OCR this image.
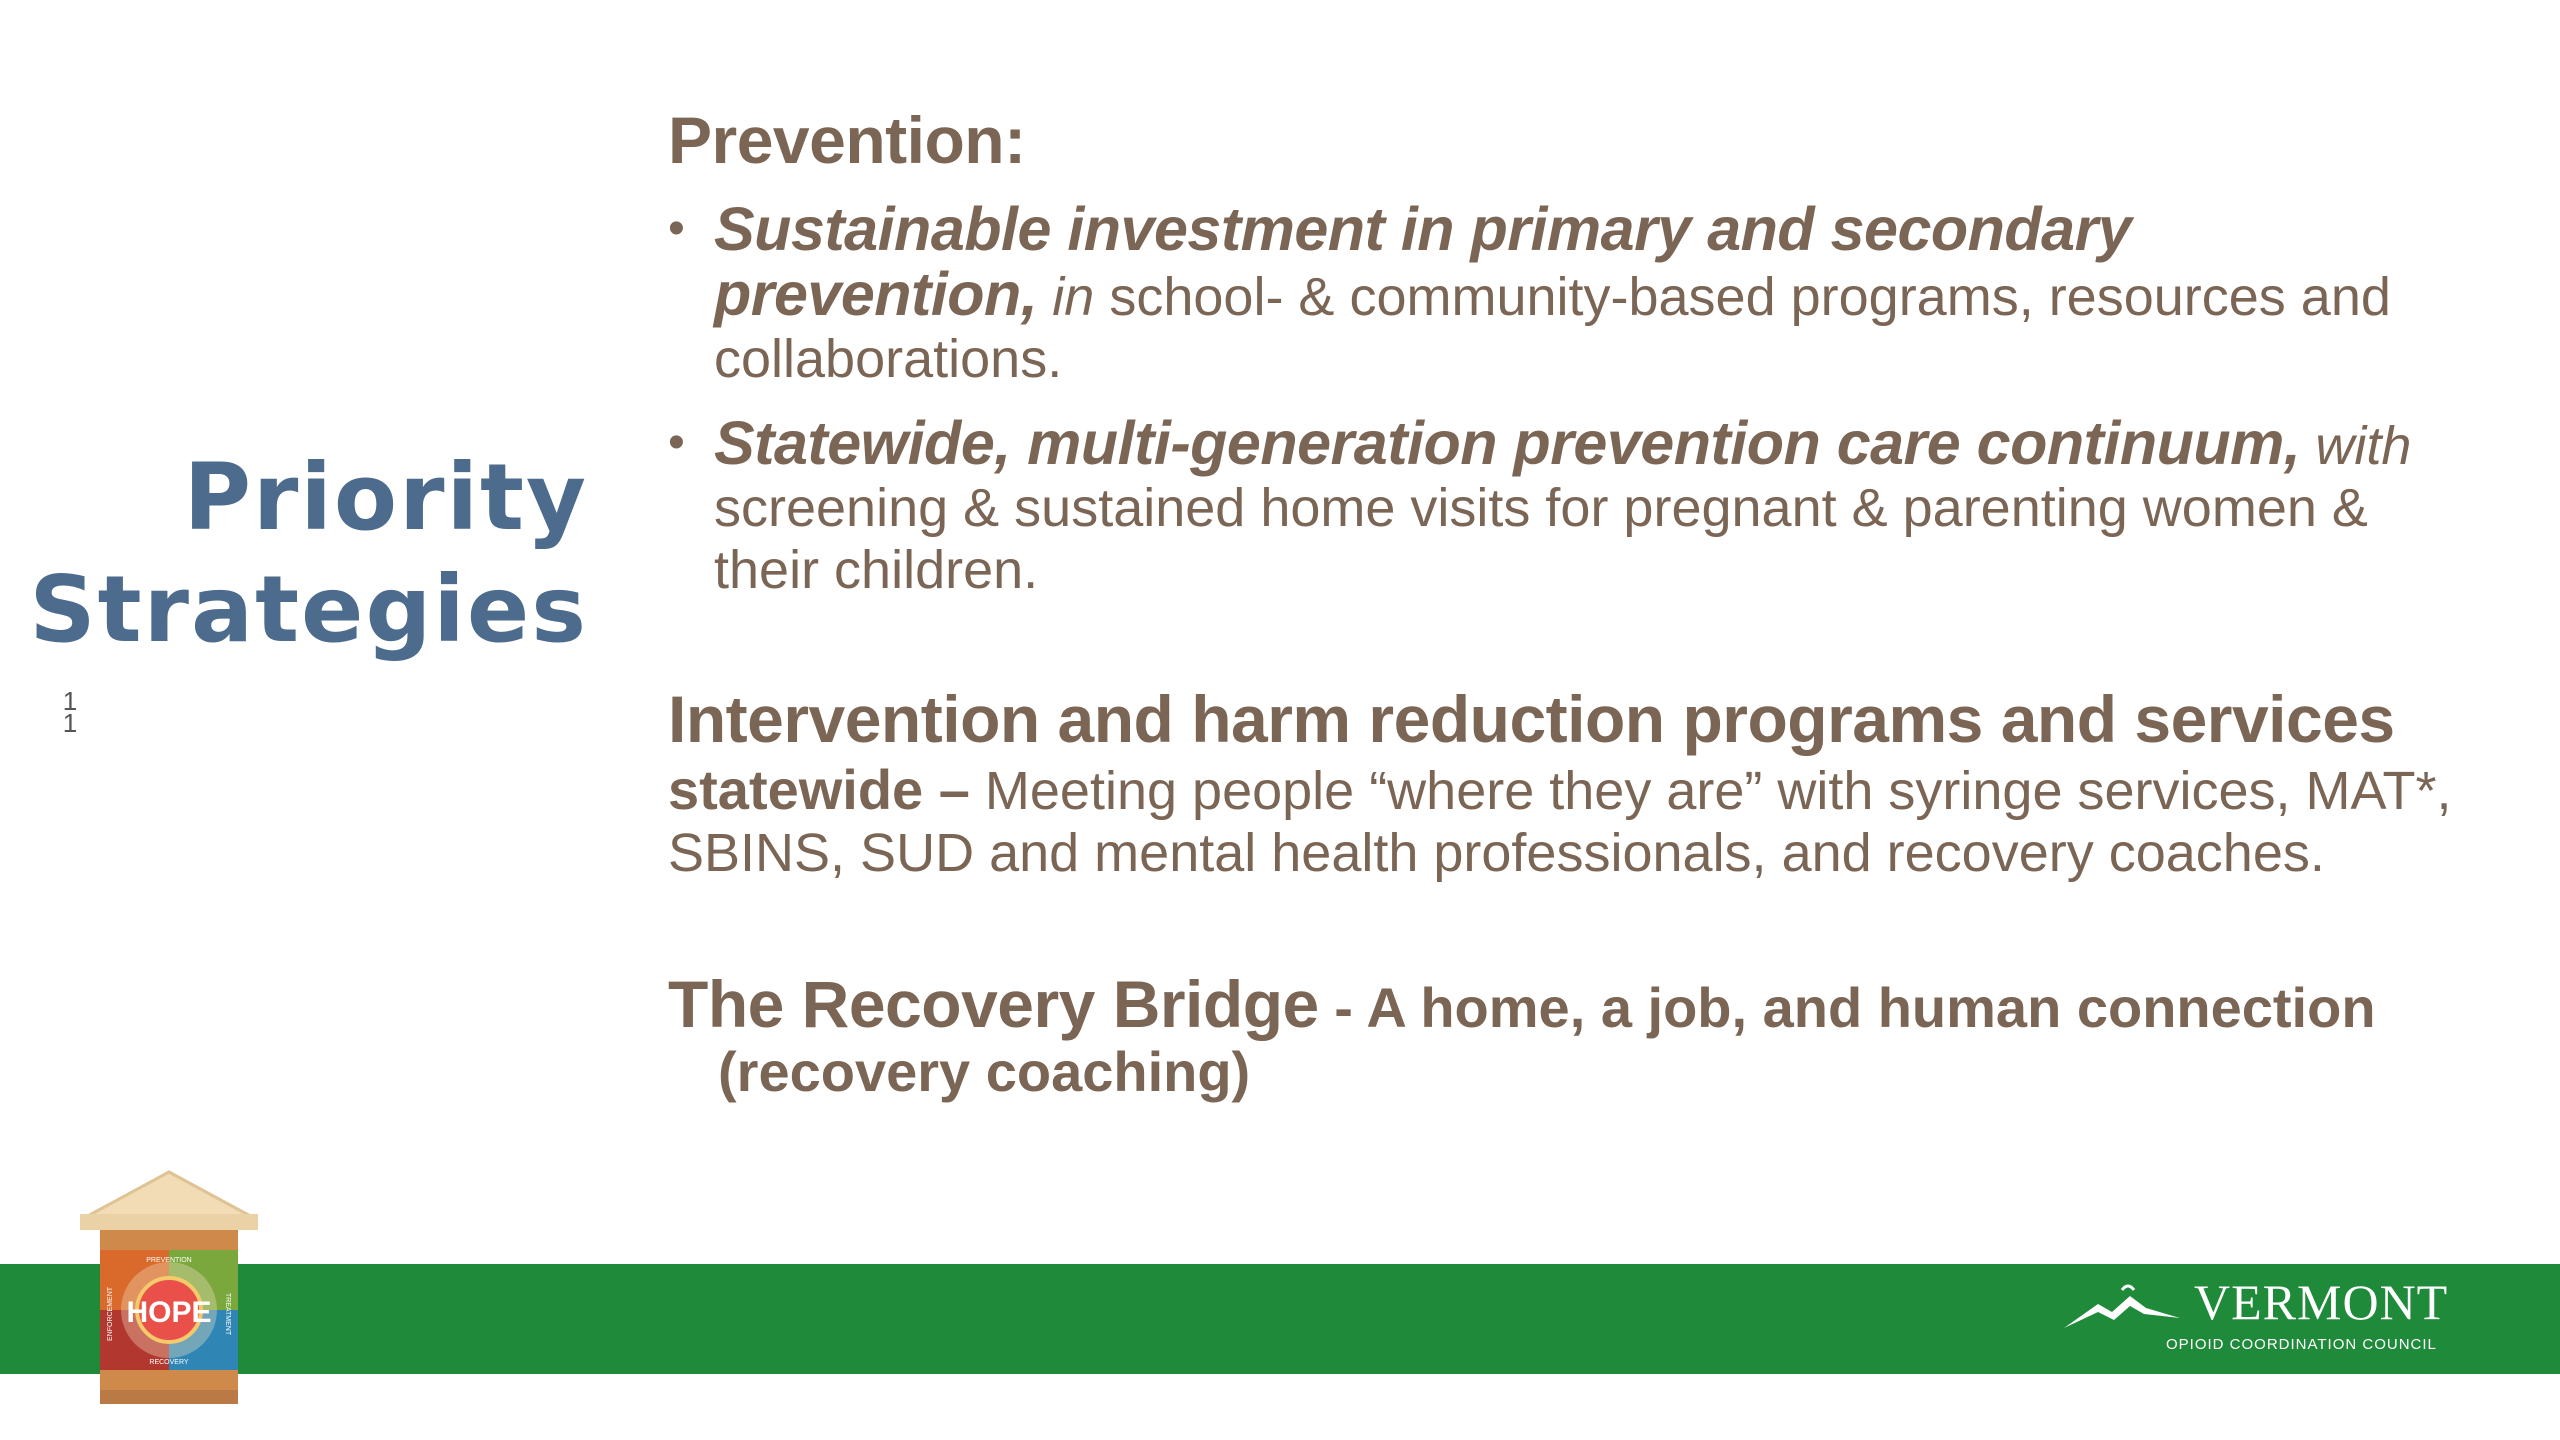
Priority
Strategies
1
1
Prevention:
• Sustainable investment in primary and secondary prevention, in school- & community-based programs, resources and collaborations.
• Statewide, multi-generation prevention care continuum, with screening & sustained home visits for pregnant & parenting women & their children.
Intervention and harm reduction programs and services
statewide – Meeting people “where they are” with syringe services, MAT*, SBINS, SUD and mental health professionals, and recovery coaches.
The Recovery Bridge - A home, a job, and human connection
(recovery coaching)
HOPE
PREVENTION
TREATMENT
RECOVERY
ENFORCEMENT	VERMONT
OPIOID COORDINATION COUNCIL
